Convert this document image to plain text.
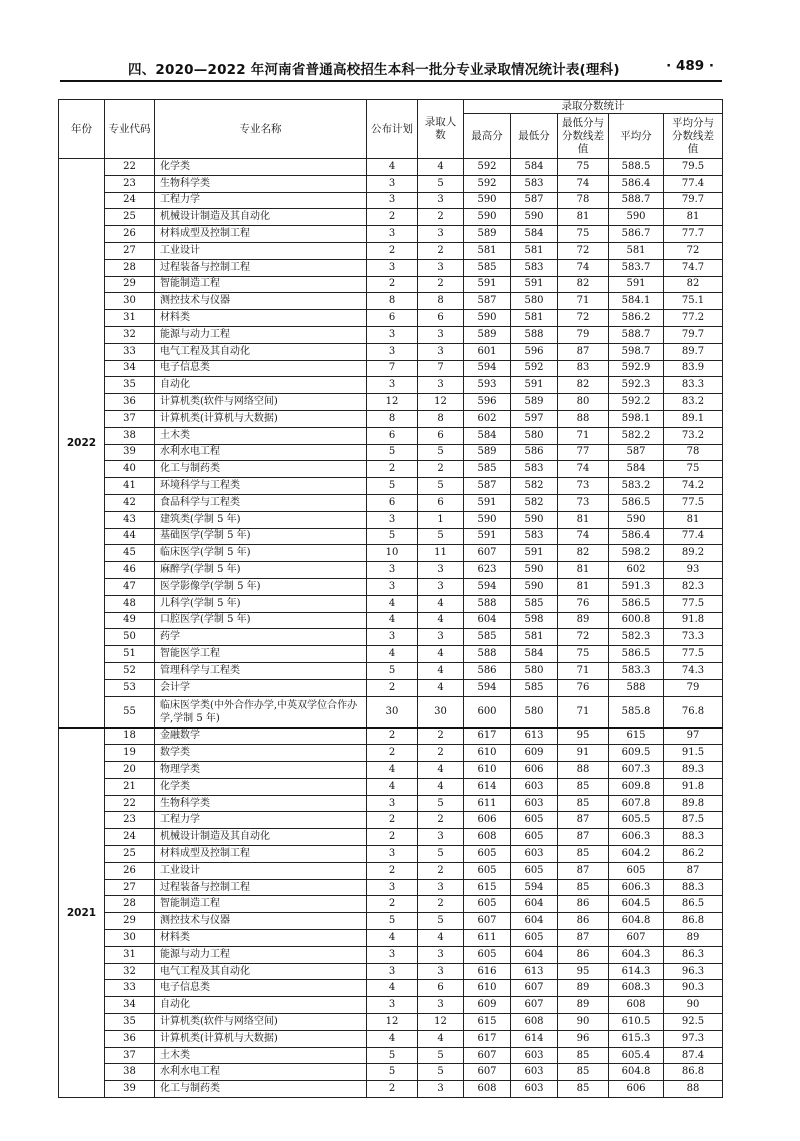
四、2020—2022 年河南省普通高校招生本科一批分专业录取情况统计表(理科)	· 489 ·
年份	专业代码	专业名称	公布计划	录取人数	录取分数统计				
					最高分	最低分	最低分与分数线差值	平均分	平均分与分数线差值
2022	22	化学类	4	4	592	584	75	588.5	79.5
	23	生物科学类	3	5	592	583	74	586.4	77.4
	24	工程力学	3	3	590	587	78	588.7	79.7
	25	机械设计制造及其自动化	2	2	590	590	81	590	81
	26	材料成型及控制工程	3	3	589	584	75	586.7	77.7
	27	工业设计	2	2	581	581	72	581	72
	28	过程装备与控制工程	3	3	585	583	74	583.7	74.7
	29	智能制造工程	2	2	591	591	82	591	82
	30	测控技术与仪器	8	8	587	580	71	584.1	75.1
	31	材料类	6	6	590	581	72	586.2	77.2
	32	能源与动力工程	3	3	589	588	79	588.7	79.7
	33	电气工程及其自动化	3	3	601	596	87	598.7	89.7
	34	电子信息类	7	7	594	592	83	592.9	83.9
	35	自动化	3	3	593	591	82	592.3	83.3
	36	计算机类(软件与网络空间)	12	12	596	589	80	592.2	83.2
	37	计算机类(计算机与大数据)	8	8	602	597	88	598.1	89.1
	38	土木类	6	6	584	580	71	582.2	73.2
	39	水利水电工程	5	5	589	586	77	587	78
	40	化工与制药类	2	2	585	583	74	584	75
	41	环境科学与工程类	5	5	587	582	73	583.2	74.2
	42	食品科学与工程类	6	6	591	582	73	586.5	77.5
	43	建筑类(学制 5 年)	3	1	590	590	81	590	81
	44	基础医学(学制 5 年)	5	5	591	583	74	586.4	77.4
	45	临床医学(学制 5 年)	10	11	607	591	82	598.2	89.2
	46	麻醉学(学制 5 年)	3	3	623	590	81	602	93
	47	医学影像学(学制 5 年)	3	3	594	590	81	591.3	82.3
	48	儿科学(学制 5 年)	4	4	588	585	76	586.5	77.5
	49	口腔医学(学制 5 年)	4	4	604	598	89	600.8	91.8
	50	药学	3	3	585	581	72	582.3	73.3
	51	智能医学工程	4	4	588	584	75	586.5	77.5
	52	管理科学与工程类	5	4	586	580	71	583.3	74.3
	53	会计学	2	4	594	585	76	588	79
	55	临床医学类(中外合作办学,中英双学位合作办学,学制 5 年)	30	30	600	580	71	585.8	76.8
2021	18	金融数学	2	2	617	613	95	615	97
	19	数学类	2	2	610	609	91	609.5	91.5
	20	物理学类	4	4	610	606	88	607.3	89.3
	21	化学类	4	4	614	603	85	609.8	91.8
	22	生物科学类	3	5	611	603	85	607.8	89.8
	23	工程力学	2	2	606	605	87	605.5	87.5
	24	机械设计制造及其自动化	2	3	608	605	87	606.3	88.3
	25	材料成型及控制工程	3	5	605	603	85	604.2	86.2
	26	工业设计	2	2	605	605	87	605	87
	27	过程装备与控制工程	3	3	615	594	85	606.3	88.3
	28	智能制造工程	2	2	605	604	86	604.5	86.5
	29	测控技术与仪器	5	5	607	604	86	604.8	86.8
	30	材料类	4	4	611	605	87	607	89
	31	能源与动力工程	3	3	605	604	86	604.3	86.3
	32	电气工程及其自动化	3	3	616	613	95	614.3	96.3
	33	电子信息类	4	6	610	607	89	608.3	90.3
	34	自动化	3	3	609	607	89	608	90
	35	计算机类(软件与网络空间)	12	12	615	608	90	610.5	92.5
	36	计算机类(计算机与大数据)	4	4	617	614	96	615.3	97.3
	37	土木类	5	5	607	603	85	605.4	87.4
	38	水利水电工程	5	5	607	603	85	604.8	86.8
	39	化工与制药类	2	3	608	603	85	606	88
